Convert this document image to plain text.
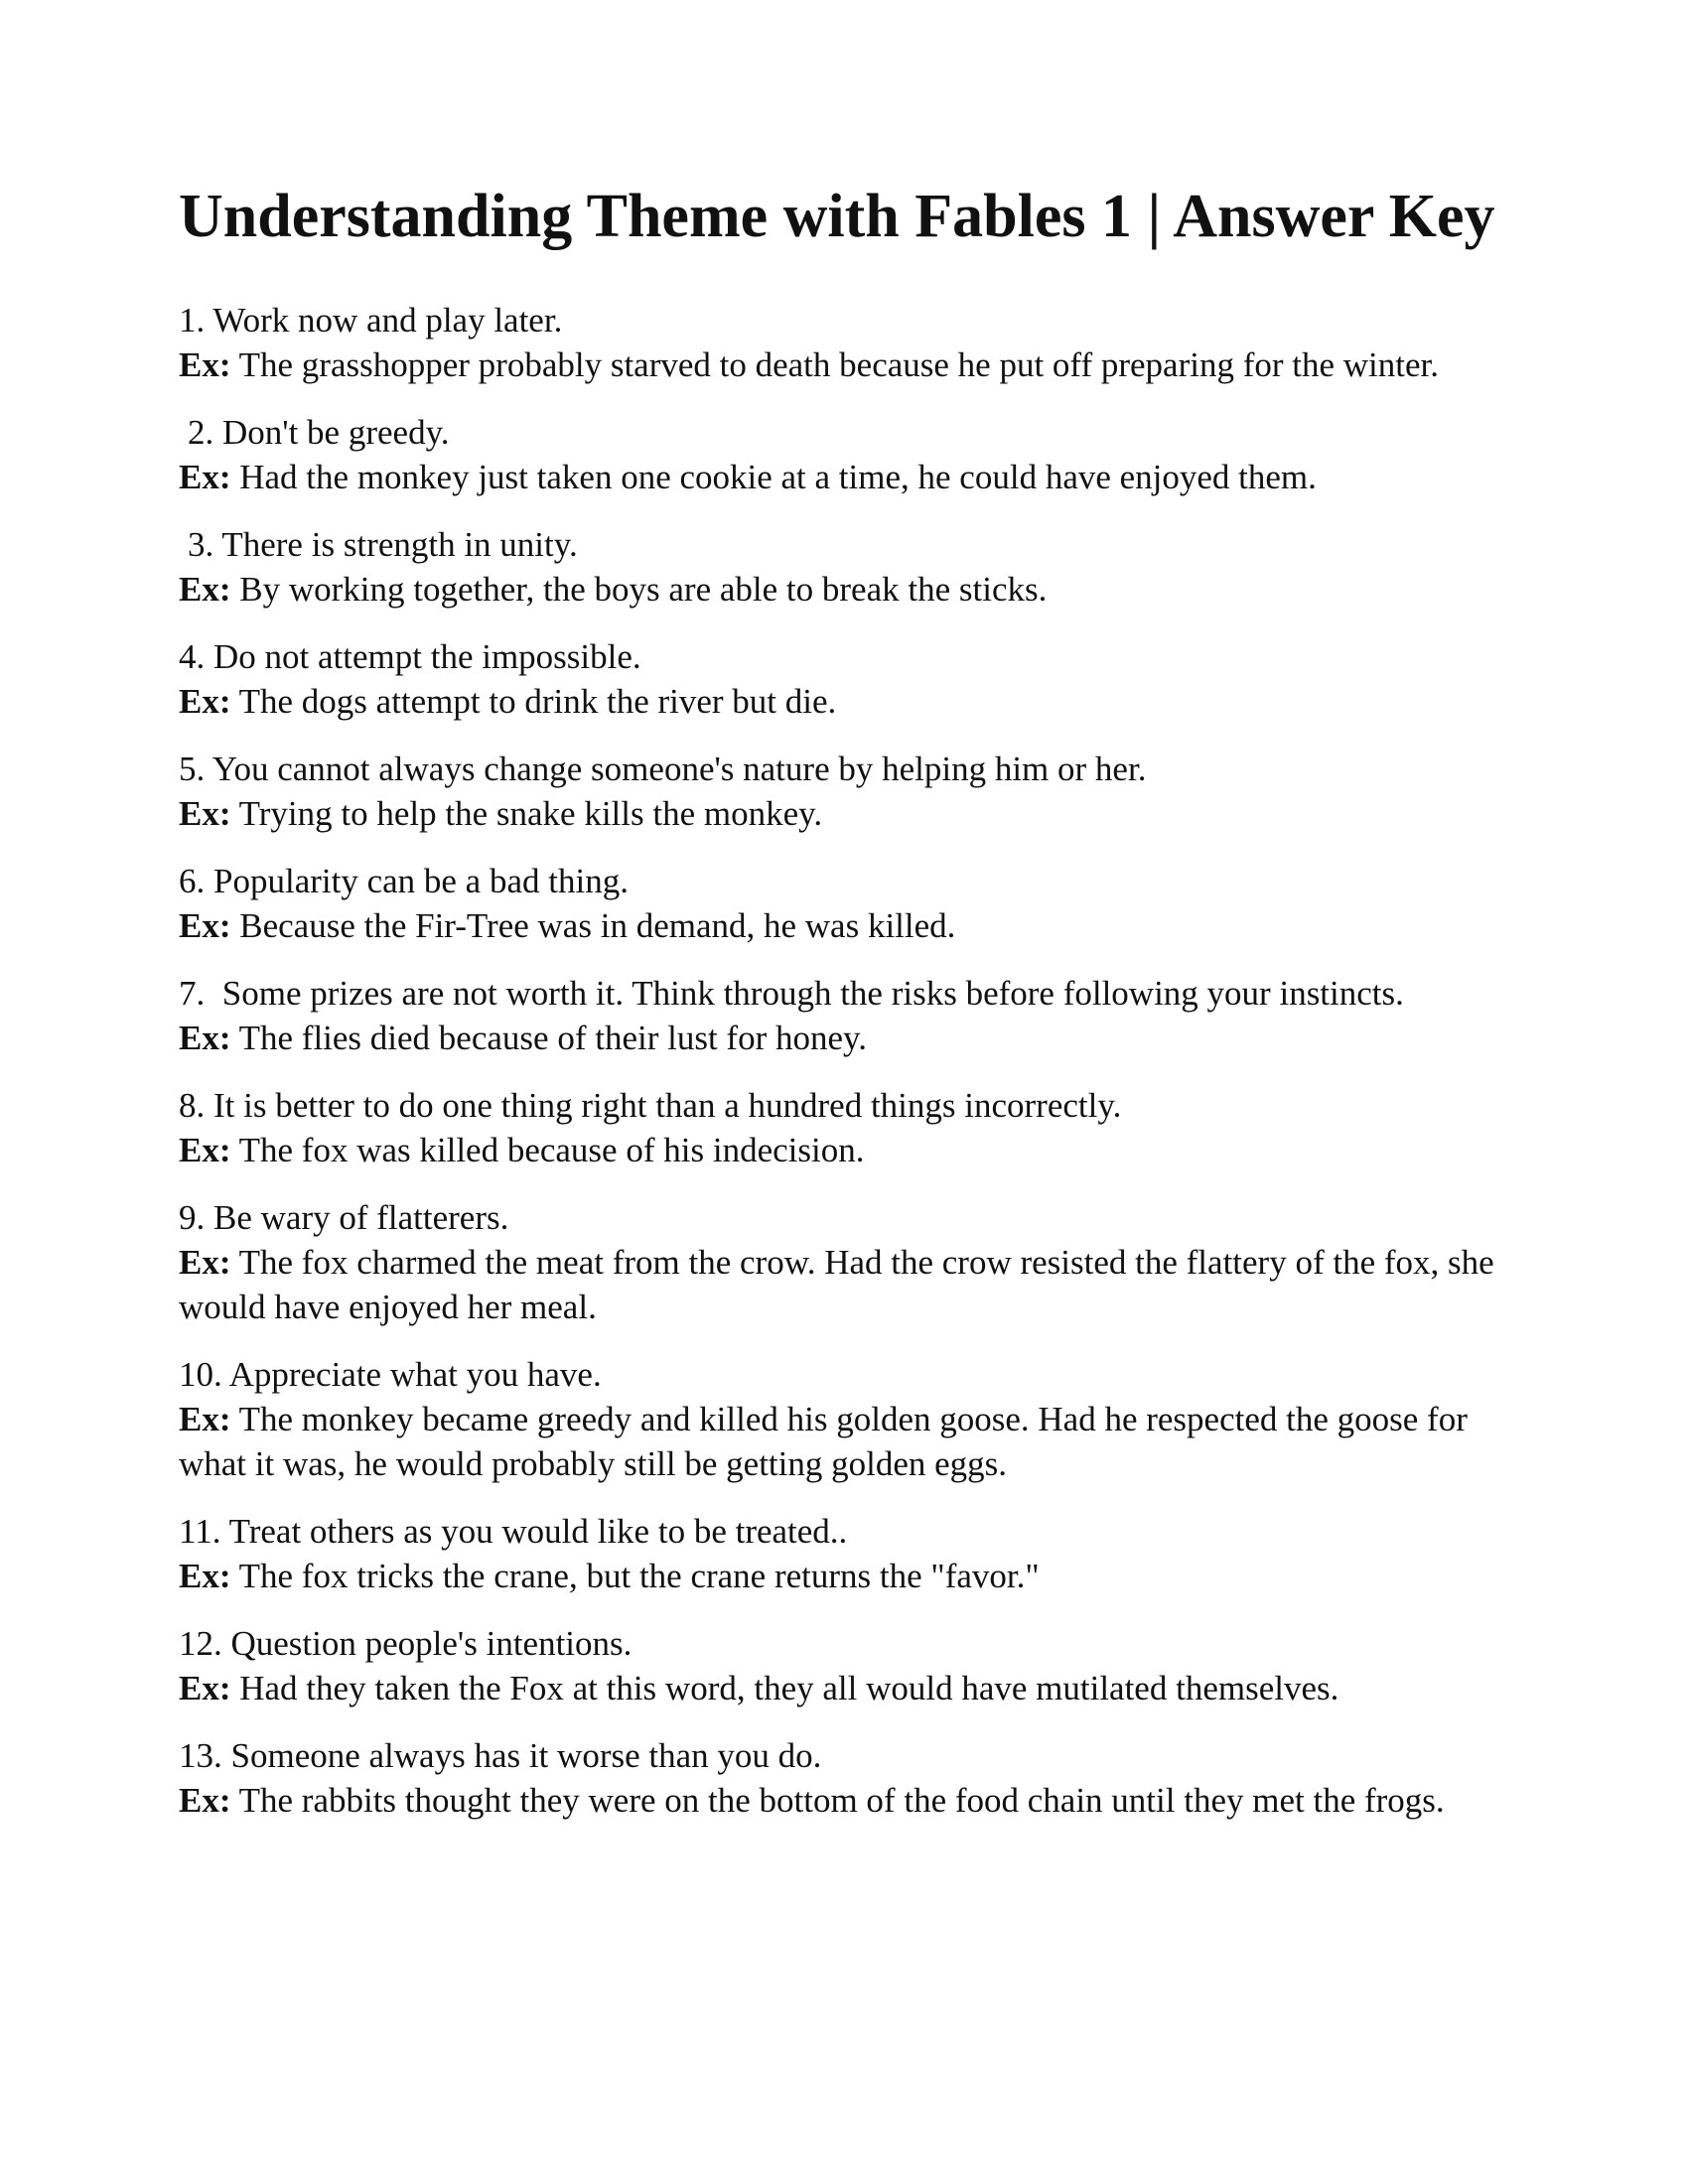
Understanding Theme with Fables 1 | Answer Key
1. Work now and play later.
Ex: The grasshopper probably starved to death because he put off preparing for the winter.
2. Don't be greedy.
Ex: Had the monkey just taken one cookie at a time, he could have enjoyed them.
3. There is strength in unity.
Ex: By working together, the boys are able to break the sticks.
4. Do not attempt the impossible.
Ex: The dogs attempt to drink the river but die.
5. You cannot always change someone's nature by helping him or her.
Ex: Trying to help the snake kills the monkey.
6. Popularity can be a bad thing.
Ex: Because the Fir-Tree was in demand, he was killed.
7.  Some prizes are not worth it. Think through the risks before following your instincts.
Ex: The flies died because of their lust for honey.
8. It is better to do one thing right than a hundred things incorrectly.
Ex: The fox was killed because of his indecision.
9. Be wary of flatterers.
Ex: The fox charmed the meat from the crow. Had the crow resisted the flattery of the fox, she would have enjoyed her meal.
10. Appreciate what you have.
Ex: The monkey became greedy and killed his golden goose. Had he respected the goose for what it was, he would probably still be getting golden eggs.
11. Treat others as you would like to be treated..
Ex: The fox tricks the crane, but the crane returns the "favor."
12. Question people's intentions.
Ex: Had they taken the Fox at this word, they all would have mutilated themselves.
13. Someone always has it worse than you do.
Ex: The rabbits thought they were on the bottom of the food chain until they met the frogs.
